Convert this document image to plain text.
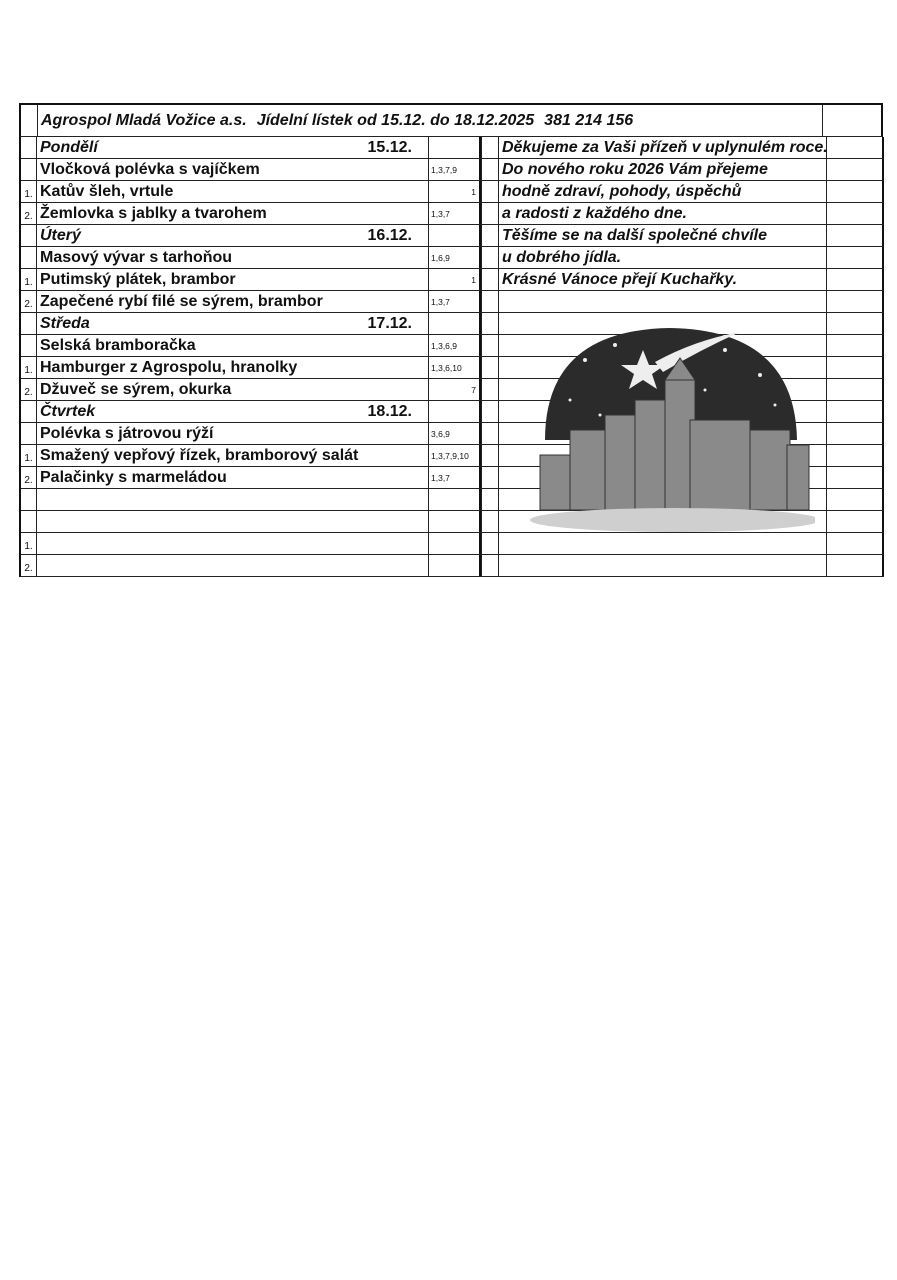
Agrospol Mladá Vožice a.s. Jídelní lístek od 15.12. do 18.12.2025 381 214 156
Pondělí	15.12.
Vločková polévka s vajíčkem	1,3,7,9
1. Katův šleh, vrtule	1
2. Žemlovka s jablky a tvarohem	1,3,7
Úterý	16.12.
Masový vývar s tarhoňou	1,6,9
1. Putimský plátek, brambor	1
2. Zapečené rybí filé se sýrem, brambor	1,3,7
Středa	17.12.
Selská bramboračka	1,3,6,9
1. Hamburger z Agrospolu, hranolky	1,3,6,10
2. Džuveč se sýrem, okurka	7
Čtvrtek	18.12.
Polévka s játrovou rýží	3,6,9
1. Smažený vepřový řízek, bramborový salát	1,3,7,9,10
2. Palačinky s marmeládou	1,3,7
1.
2.
Děkujeme za Vaši přízeň v uplynulém roce.
Do nového roku 2026 Vám přejeme
hodně zdraví, pohody, úspěchů
a radosti z každého dne.
Těšíme se na další společné chvíle
u dobrého jídla.
Krásné Vánoce přejí Kuchařky.
